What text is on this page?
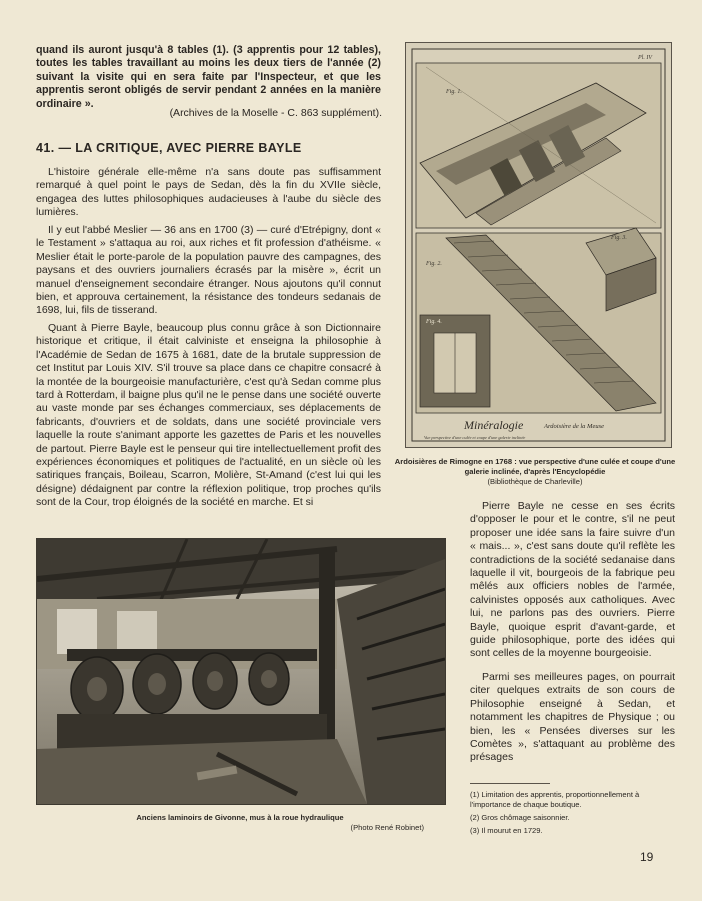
quand ils auront jusqu'à 8 tables (1). (3 apprentis pour 12 tables), toutes les tables travaillant au moins les deux tiers de l'année (2) suivant la visite qui en sera faite par l'Inspecteur, et que les apprentis seront obligés de servir pendant 2 années en la manière ordinaire ».

(Archives de la Moselle - C. 863 supplément).

41. — LA CRITIQUE, AVEC PIERRE BAYLE

L'histoire générale elle-même n'a sans doute pas suffisamment remarqué à quel point le pays de Sedan, dès la fin du XVIIe siècle, engagea des luttes philosophiques audacieuses à l'aube du siècle des lumières.

Il y eut l'abbé Meslier — 36 ans en 1700 (3) — curé d'Etrépigny, dont « le Testament » s'attaqua au roi, aux riches et fit profession d'athéisme. « Meslier était le porte-parole de la population pauvre des campagnes, des paysans et des ouvriers journaliers écrasés par la misère », écrit un manuel d'enseignement secondaire étranger. Nous ajoutons qu'il connut bien, et approuva certainement, la résistance des tondeurs sedanais de 1698, lui, fils de tisserand.

Quant à Pierre Bayle, beaucoup plus connu grâce à son Dictionnaire historique et critique, il était calviniste et enseigna la philosophie à l'Académie de Sedan de 1675 à 1681, date de la brutale suppression de cet Institut par Louis XIV. S'il trouve sa place dans ce chapitre consacré à la montée de la bourgeoisie manufacturière, c'est qu'à Sedan comme plus tard à Rotterdam, il baigne plus qu'il ne le pense dans une société ouverte au vaste monde par ses échanges commerciaux, ses déplacements de fabricants, d'ouvriers et de soldats, dans une société provinciale vers laquelle la route s'animant apporte les gazettes de Paris et les nouvelles de partout. Pierre Bayle est le penseur qui tire intellectuellement profit des expériences économiques et politiques de l'actualité, en un siècle où les satiriques français, Boileau, Scarron, Molière, St-Amand (c'est lui qui les désigne) dédaignent par contre la réflexion politique, trop proches qu'ils sont de la Cour, trop éloignés de la société en marche. Et si

Pl. IV
Fig. 1.
Fig. 3.
Fig. 2.
Fig. 4.
Minéralogie	Ardoisière de la Meuse
Vue perspective d'une culée et coupe d'une galerie inclinée
Ardoisières de Rimogne en 1768 : vue perspective d'une culée et coupe d'une galerie inclinée, d'après l'Encyclopédie
(Bibliothèque de Charleville)

Pierre Bayle ne cesse en ses écrits d'opposer le pour et le contre, s'il ne peut proposer une idée sans la faire suivre d'un « mais... », c'est sans doute qu'il reflète les contradictions de la société sedanaise dans laquelle il vit, bourgeois de la fabrique peu mêlés aux officiers nobles de l'armée, calvinistes opposés aux catholiques. Avec lui, ne parlons pas des ouvriers. Pierre Bayle, quoique esprit d'avant-garde, et guide philosophique, porte des idées qui sont celles de la moyenne bourgeoisie.

Parmi ses meilleures pages, on pourrait citer quelques extraits de son cours de Philosophie enseigné à Sedan, et notamment les chapitres de Physique ; ou bien, les « Pensées diverses sur les Comètes », s'attaquant au problème des présages

Anciens laminoirs de Givonne, mus à la roue hydraulique
(Photo René Robinet)

(1) Limitation des apprentis, proportionnellement à l'importance de chaque boutique.

(2) Gros chômage saisonnier.

(3) Il mourut en 1729.

19
